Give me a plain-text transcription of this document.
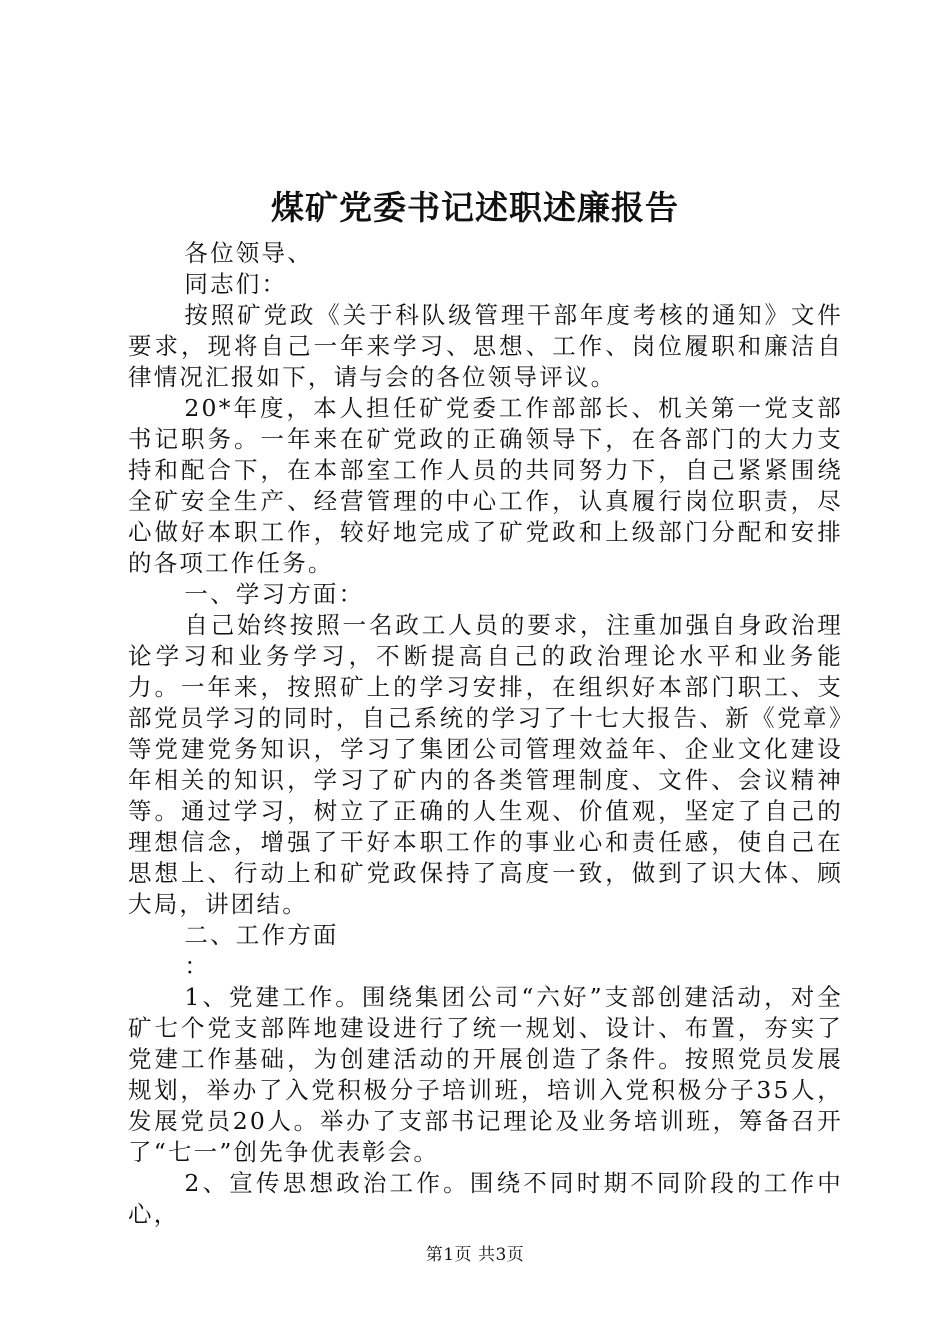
煤矿党委书记述职述廉报告

各位领导、

同志们：

按照矿党政《关于科队级管理干部年度考核的通知》文件要求，现将自己一年来学习、思想、工作、岗位履职和廉洁自律情况汇报如下，请与会的各位领导评议。

20*年度，本人担任矿党委工作部部长、机关第一党支部书记职务。一年来在矿党政的正确领导下，在各部门的大力支持和配合下，在本部室工作人员的共同努力下，自己紧紧围绕全矿安全生产、经营管理的中心工作，认真履行岗位职责，尽心做好本职工作，较好地完成了矿党政和上级部门分配和安排的各项工作任务。

一、学习方面：

自己始终按照一名政工人员的要求，注重加强自身政治理论学习和业务学习，不断提高自己的政治理论水平和业务能力。一年来，按照矿上的学习安排，在组织好本部门职工、支部党员学习的同时，自己系统的学习了十七大报告、新《党章》等党建党务知识，学习了集团公司管理效益年、企业文化建设年相关的知识，学习了矿内的各类管理制度、文件、会议精神等。通过学习，树立了正确的人生观、价值观，坚定了自己的理想信念，增强了干好本职工作的事业心和责任感，使自己在思想上、行动上和矿党政保持了高度一致，做到了识大体、顾大局，讲团结。

二、工作方面

：

1、党建工作。围绕集团公司“六好”支部创建活动，对全矿七个党支部阵地建设进行了统一规划、设计、布置，夯实了党建工作基础，为创建活动的开展创造了条件。按照党员发展规划，举办了入党积极分子培训班，培训入党积极分子35人，发展党员20人。举办了支部书记理论及业务培训班，筹备召开了“七一”创先争优表彰会。

2、宣传思想政治工作。围绕不同时期不同阶段的工作中心，

第1页 共3页
